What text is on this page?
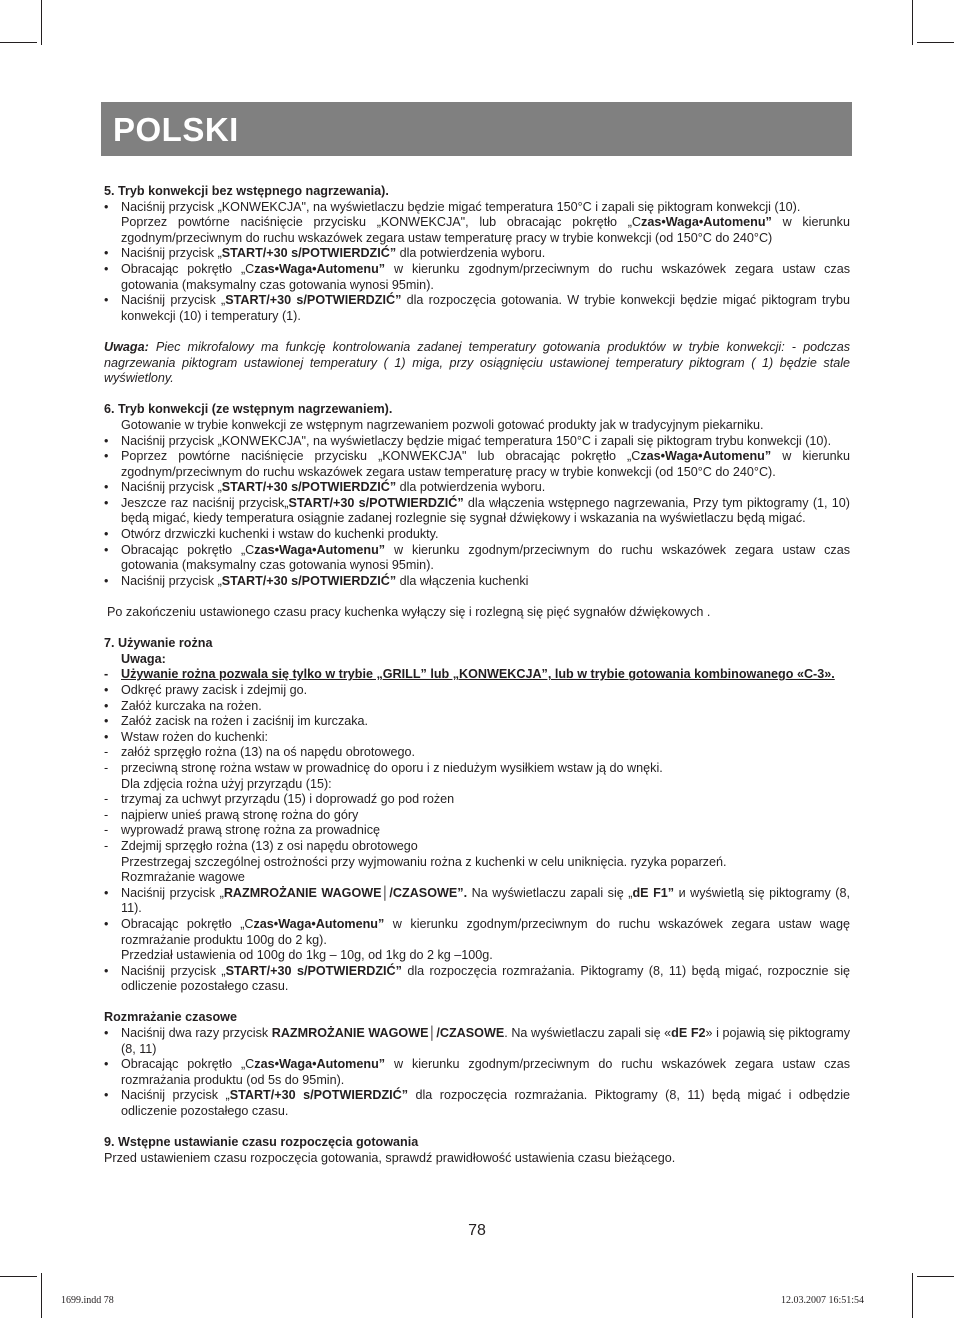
POLSKI
5. Tryb konwekcji bez wstępnego nagrzewania).
• Naciśnij przycisk „KONWEKCJA", na wyświetlaczu będzie migać temperatura 150°C i zapali się piktogram konwekcji (10).
Poprzez powtórne naciśnięcie przycisku „KONWEKCJA", lub obracając pokrętło „Czas•Waga•Automenu” w kierunku zgodnym/przeciwnym do ruchu wskazówek zegara ustaw temperaturę pracy w trybie konwekcji (od 150°C do 240°C)
• Naciśnij przycisk „START/+30 s/POTWIERDZIĆ” dla potwierdzenia wyboru.
• Obracając pokrętło „Czas•Waga•Automenu” w kierunku zgodnym/przeciwnym do ruchu wskazówek zegara ustaw czas gotowania (maksymalny czas gotowania wynosi 95min).
• Naciśnij przycisk „START/+30 s/POTWIERDZIĆ” dla rozpoczęcia gotowania. W trybie konwekcji będzie migać piktogram trybu konwekcji (10) i temperatury (1).
Uwaga: Piec mikrofalowy ma funkcję kontrolowania zadanej temperatury gotowania produktów w trybie konwekcji: - podczas nagrzewania piktogram ustawionej temperatury ( 1) miga, przy osiągnięciu ustawionej temperatury piktogram ( 1) będzie stale wyświetlony.
6. Tryb konwekcji (ze wstępnym nagrzewaniem).
Gotowanie w trybie konwekcji ze wstępnym nagrzewaniem pozwoli gotować produkty jak w tradycyjnym piekarniku.
• Naciśnij przycisk „KONWEKCJA", na wyświetlaczy będzie migać temperatura 150°C i zapali się piktogram trybu konwekcji (10).
• Poprzez powtórne naciśnięcie przycisku „KONWEKCJA" lub obracając pokrętło „Czas•Waga•Automenu” w kierunku zgodnym/przeciwnym do ruchu wskazówek zegara ustaw temperaturę pracy w trybie konwekcji (od 150°C do 240°C).
• Naciśnij przycisk „START/+30 s/POTWIERDZIĆ” dla potwierdzenia wyboru.
• Jeszcze raz naciśnij przycisk„START/+30 s/POTWIERDZIĆ” dla włączenia wstępnego nagrzewania, Przy tym piktogramy (1, 10) będą migać, kiedy temperatura osiągnie zadanej rozlegnie się sygnał dźwiękowy i wskazania na wyświetlaczu będą migać.
• Otwórz drzwiczki kuchenki i wstaw do kuchenki produkty.
• Obracając pokrętło „Czas•Waga•Automenu” w kierunku zgodnym/przeciwnym do ruchu wskazówek zegara ustaw czas gotowania (maksymalny czas gotowania wynosi 95min).
• Naciśnij przycisk „START/+30 s/POTWIERDZIĆ” dla włączenia kuchenki
Po zakończeniu ustawionego czasu pracy kuchenka wyłączy się i rozlegną się pięć sygnałów dźwiękowych .
7. Używanie rożna
Uwaga:
-	Używanie rożna pozwala się tylko w trybie „GRILL” lub „KONWEKCJA”, lub w trybie gotowania kombinowanego «C-3».
• Odkręć prawy zacisk i zdejmij go.
• Załóż kurczaka na rożen.
• Załóż zacisk na rożen i zaciśnij im kurczaka.
• Wstaw rożen do kuchenki:
-	załóż sprzęgło rożna (13) na oś napędu obrotowego.
-	przeciwną stronę rożna wstaw w prowadnicę do oporu i z niedużym wysiłkiem wstaw ją do wnęki.
Dla zdjęcia rożna użyj przyrządu (15):
-	trzymaj za uchwyt przyrządu (15) i doprowadź go pod rożen
-	najpierw unieś prawą stronę rożna do góry
-	wyprowadź prawą stronę rożna za prowadnicę
-	Zdejmij sprzęgło rożna (13) z osi napędu obrotowego
Przestrzegaj szczególnej ostrożności przy wyjmowaniu rożna z kuchenki w celu uniknięcia. ryzyka poparzeń.
Rozmrażanie wagowe
• Naciśnij przycisk „RAZMROŻANIE WAGOWE│/CZASOWE”. Na wyświetlaczu zapali się „dE F1” и wyświetlą się piktogramy (8, 11).
• Obracając pokrętło „Czas•Waga•Automenu” w kierunku zgodnym/przeciwnym do ruchu wskazówek zegara ustaw wagę rozmrażanie produktu 100g do 2 kg).
Przedział ustawienia od 100g do 1kg – 10g, od 1kg do 2 kg –100g.
• Naciśnij przycisk „START/+30 s/POTWIERDZIĆ” dla rozpoczęcia rozmrażania. Piktogramy (8, 11) będą migać, rozpocznie się odliczenie pozostałego czasu.
Rozmrażanie czasowe
• Naciśnij dwa razy przycisk RAZMROŻANIE WAGOWE│/CZASOWE. Na wyświetlaczu zapali się «dE F2» i pojawią się piktogramy (8, 11)
• Obracając pokrętło „Czas•Waga•Automenu” w kierunku zgodnym/przeciwnym do ruchu wskazówek zegara ustaw czas rozmrażania produktu (od 5s do 95min).
• Naciśnij przycisk „START/+30 s/POTWIERDZIĆ” dla rozpoczęcia rozmrażania. Piktogramy (8, 11) będą migać i odbędzie odliczenie pozostałego czasu.
9. Wstępne ustawianie czasu rozpoczęcia gotowania
Przed ustawieniem czasu rozpoczęcia gotowania, sprawdź prawidłowość ustawienia czasu bieżącego.
78
1699.indd 78	12.03.2007 16:51:54
